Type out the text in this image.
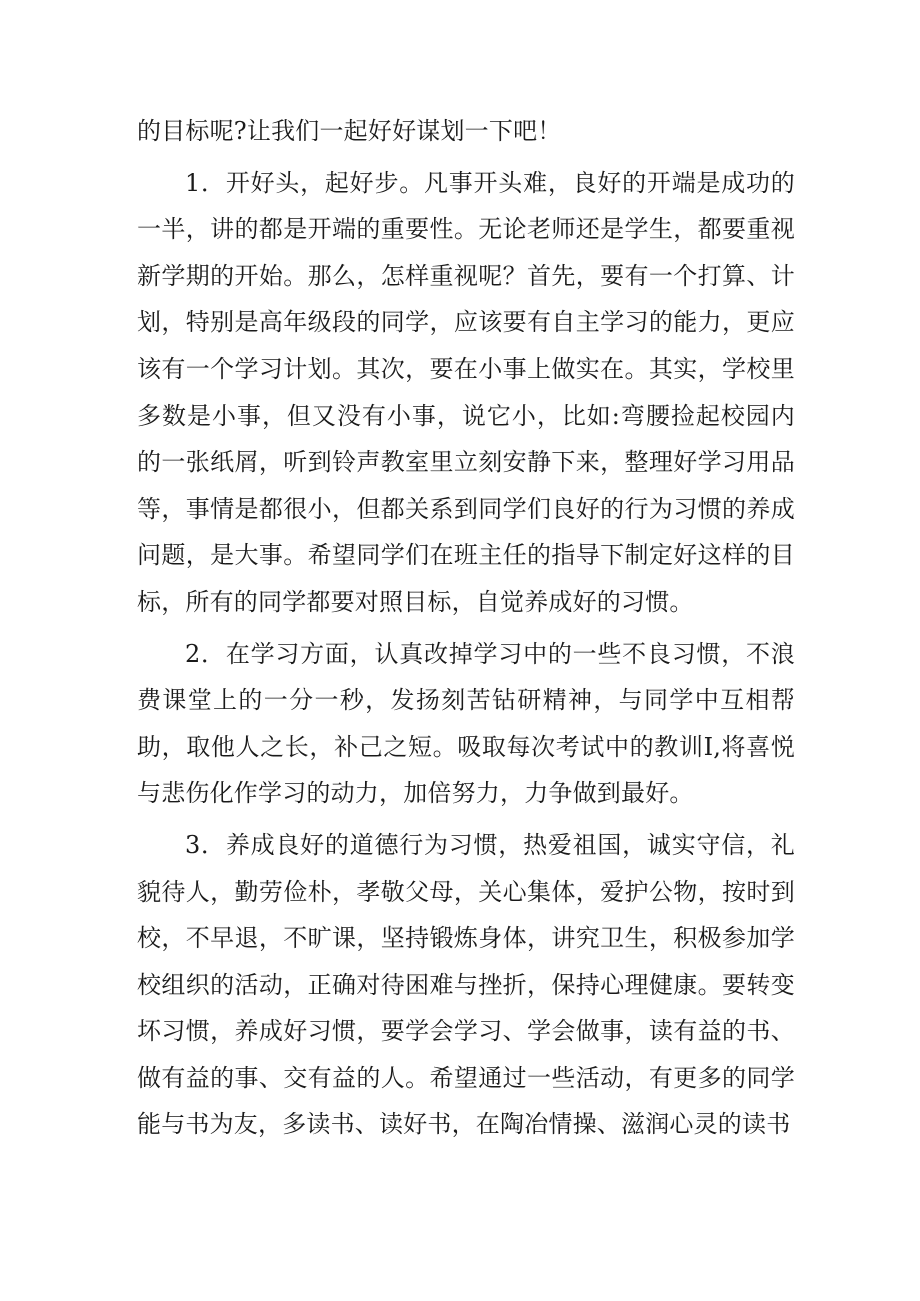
的目标呢?让我们一起好好谋划一下吧！

1．开好头，起好步。凡事开头难，良好的开端是成功的一半，讲的都是开端的重要性。无论老师还是学生，都要重视新学期的开始。那么，怎样重视呢？首先，要有一个打算、计划，特别是高年级段的同学，应该要有自主学习的能力，更应该有一个学习计划。其次，要在小事上做实在。其实，学校里多数是小事，但又没有小事，说它小，比如:弯腰捡起校园内的一张纸屑，听到铃声教室里立刻安静下来，整理好学习用品等，事情是都很小，但都关系到同学们良好的行为习惯的养成问题，是大事。希望同学们在班主任的指导下制定好这样的目标，所有的同学都要对照目标，自觉养成好的习惯。

2．在学习方面，认真改掉学习中的一些不良习惯，不浪费课堂上的一分一秒，发扬刻苦钻研精神，与同学中互相帮助，取他人之长，补己之短。吸取每次考试中的教训I,将喜悦与悲伤化作学习的动力，加倍努力，力争做到最好。

3．养成良好的道德行为习惯，热爱祖国，诚实守信，礼貌待人，勤劳俭朴，孝敬父母，关心集体，爱护公物，按时到校，不早退，不旷课，坚持锻炼身体，讲究卫生，积极参加学校组织的活动，正确对待困难与挫折，保持心理健康。要转变坏习惯，养成好习惯，要学会学习、学会做事，读有益的书、做有益的事、交有益的人。希望通过一些活动，有更多的同学能与书为友，多读书、读好书，在陶冶情操、滋润心灵的读书
